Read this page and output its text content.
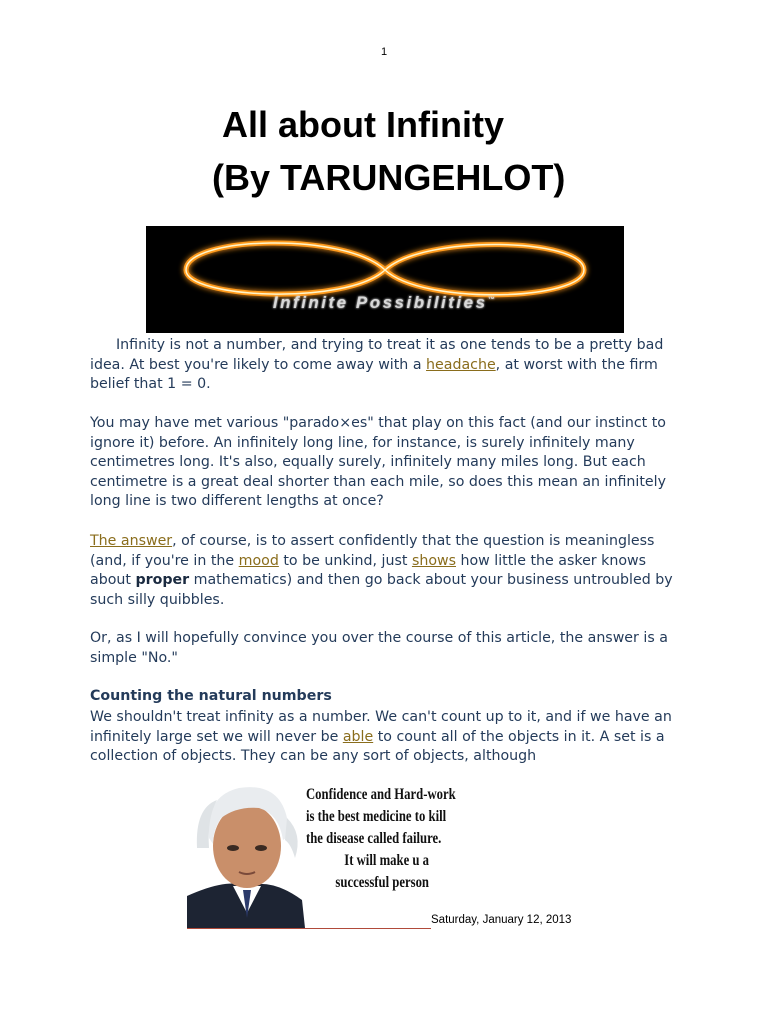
1
All about Infinity
(By TARUNGEHLOT)
Infinite Possibilities™
Infinity is not a number, and trying to treat it as one tends to be a pretty bad idea. At best you're likely to come away with a headache, at worst with the firm belief that 1 = 0.
You may have met various "parado×es" that play on this fact (and our instinct to ignore it) before. An infinitely long line, for instance, is surely infinitely many centimetres long. It's also, equally surely, infinitely many miles long. But each centimetre is a great deal shorter than each mile, so does this mean an infinitely long line is two different lengths at once?
The answer, of course, is to assert confidently that the question is meaningless (and, if you're in the mood to be unkind, just shows how little the asker knows about proper mathematics) and then go back about your business untroubled by such silly quibbles.
Or, as I will hopefully convince you over the course of this article, the answer is a simple "No."
Counting the natural numbers
We shouldn't treat infinity as a number. We can't count up to it, and if we have an infinitely large set we will never be able to count all of the objects in it. A set is a collection of objects. They can be any sort of objects, although
Confidence and Hard-work
is the best medicine to kill
the disease called failure.
It will make u a
successful person
Saturday, January 12, 2013
